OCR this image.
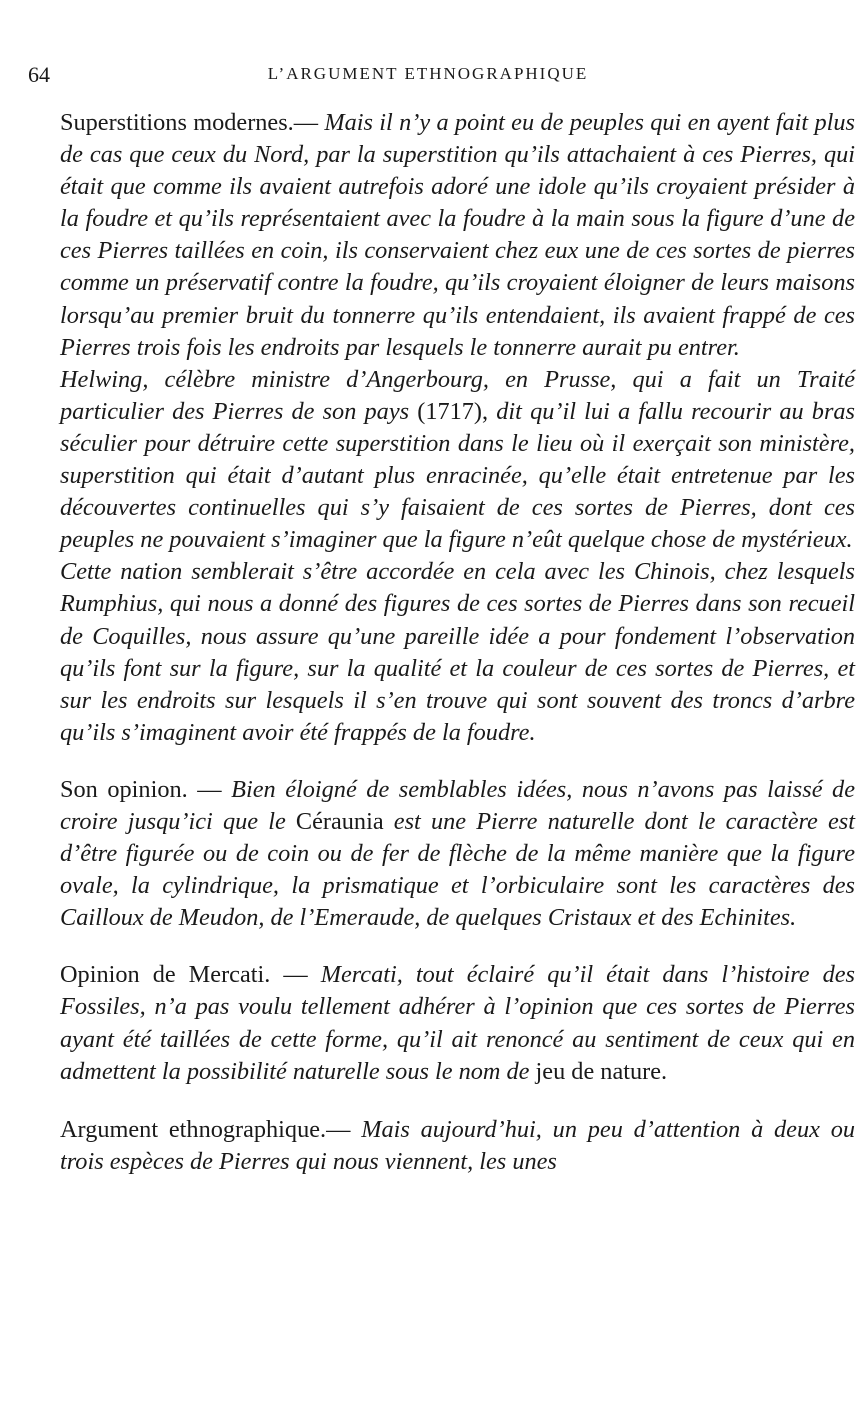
64	L’ARGUMENT ETHNOGRAPHIQUE

Superstitions modernes.— Mais il n’y a point eu de peuples qui en ayent fait plus de cas que ceux du Nord, par la superstition qu’ils attachaient à ces Pierres, qui était que comme ils avaient autrefois adoré une idole qu’ils croyaient présider à la foudre et qu’ils représentaient avec la foudre à la main sous la figure d’une de ces Pierres taillées en coin, ils conservaient chez eux une de ces sortes de pierres comme un préservatif contre la foudre, qu’ils croyaient éloigner de leurs maisons lorsqu’au premier bruit du tonnerre qu’ils entendaient, ils avaient frappé de ces Pierres trois fois les endroits par lesquels le tonnerre aurait pu entrer.

Helwing, célèbre ministre d’Angerbourg, en Prusse, qui a fait un Traité particulier des Pierres de son pays (1717), dit qu’il lui a fallu recourir au bras séculier pour détruire cette superstition dans le lieu où il exerçait son ministère, superstition qui était d’autant plus enracinée, qu’elle était entretenue par les découvertes continuelles qui s’y faisaient de ces sortes de Pierres, dont ces peuples ne pouvaient s’imaginer que la figure n’eût quelque chose de mystérieux.

Cette nation semblerait s’être accordée en cela avec les Chinois, chez lesquels Rumphius, qui nous a donné des figures de ces sortes de Pierres dans son recueil de Coquilles, nous assure qu’une pareille idée a pour fondement l’observation qu’ils font sur la figure, sur la qualité et la couleur de ces sortes de Pierres, et sur les endroits sur lesquels il s’en trouve qui sont souvent des troncs d’arbre qu’ils s’imaginent avoir été frappés de la foudre.

Son opinion. — Bien éloigné de semblables idées, nous n’avons pas laissé de croire jusqu’ici que le Céraunia est une Pierre naturelle dont le caractère est d’être figurée ou de coin ou de fer de flèche de la même manière que la figure ovale, la cylindrique, la prismatique et l’orbiculaire sont les caractères des Cailloux de Meudon, de l’Emeraude, de quelques Cristaux et des Echinites.

Opinion de Mercati. — Mercati, tout éclairé qu’il était dans l’histoire des Fossiles, n’a pas voulu tellement adhérer à l’opinion que ces sortes de Pierres ayant été taillées de cette forme, qu’il ait renoncé au sentiment de ceux qui en admettent la possibilité naturelle sous le nom de jeu de nature.

Argument ethnographique.— Mais aujourd’hui, un peu d’attention à deux ou trois espèces de Pierres qui nous viennent, les unes
